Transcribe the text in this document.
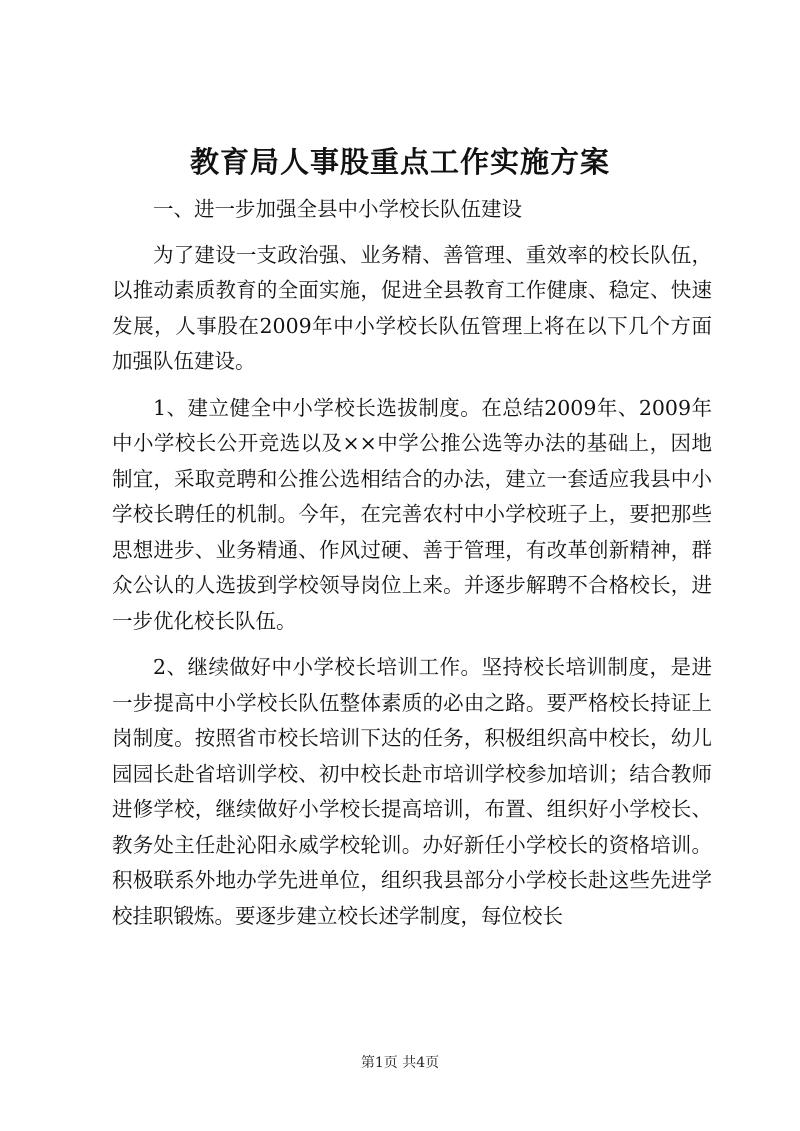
教育局人事股重点工作实施方案

一、进一步加强全县中小学校长队伍建设

为了建设一支政治强、业务精、善管理、重效率的校长队伍，以推动素质教育的全面实施，促进全县教育工作健康、稳定、快速发展，人事股在2009年中小学校长队伍管理上将在以下几个方面加强队伍建设。

1、建立健全中小学校长选拔制度。在总结2009年、2009年中小学校长公开竞选以及××中学公推公选等办法的基础上，因地制宜，采取竞聘和公推公选相结合的办法，建立一套适应我县中小学校长聘任的机制。今年，在完善农村中小学校班子上，要把那些思想进步、业务精通、作风过硬、善于管理，有改革创新精神，群众公认的人选拔到学校领导岗位上来。并逐步解聘不合格校长，进一步优化校长队伍。

2、继续做好中小学校长培训工作。坚持校长培训制度，是进一步提高中小学校长队伍整体素质的必由之路。要严格校长持证上岗制度。按照省市校长培训下达的任务，积极组织高中校长，幼儿园园长赴省培训学校、初中校长赴市培训学校参加培训；结合教师进修学校，继续做好小学校长提高培训，布置、组织好小学校长、教务处主任赴沁阳永威学校轮训。办好新任小学校长的资格培训。积极联系外地办学先进单位，组织我县部分小学校长赴这些先进学校挂职锻炼。要逐步建立校长述学制度，每位校长

第1页 共4页
